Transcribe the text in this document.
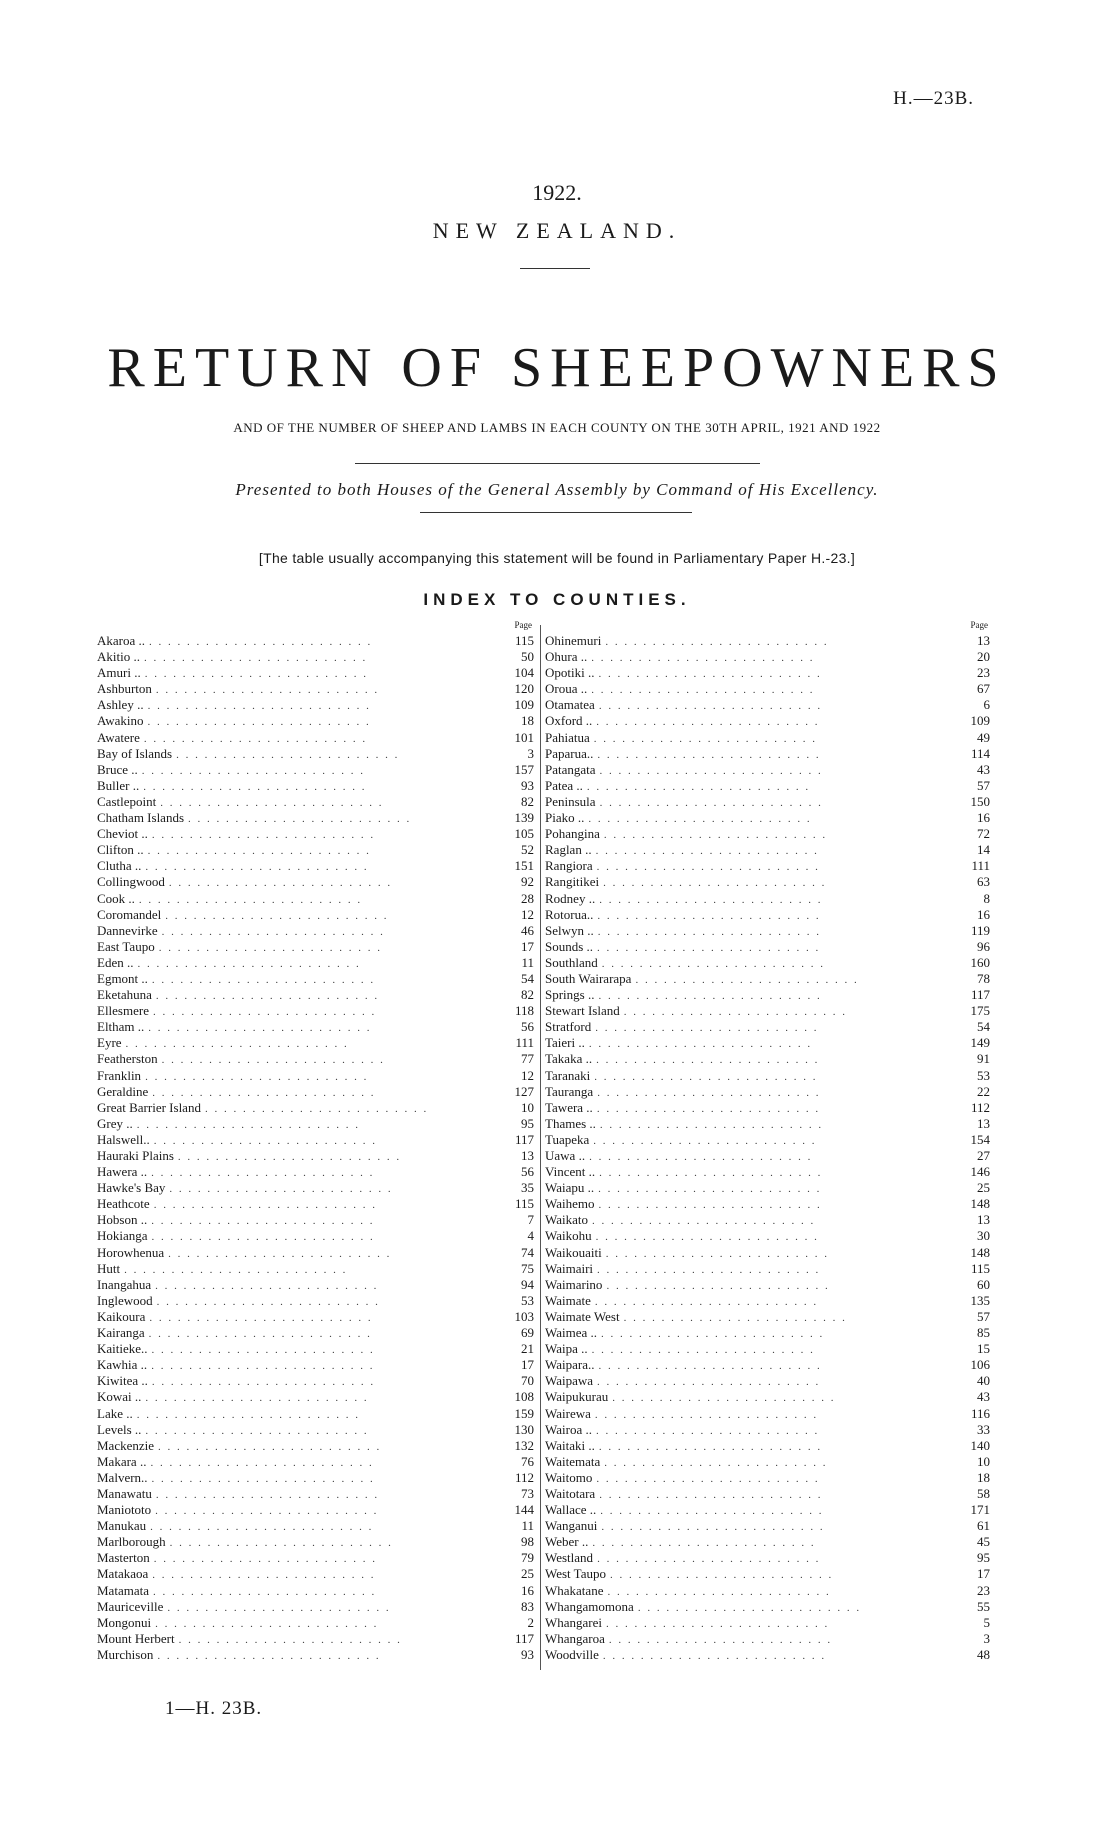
H.—23B.
1922.
NEW ZEALAND.
RETURN OF SHEEPOWNERS
AND OF THE NUMBER OF SHEEP AND LAMBS IN EACH COUNTY ON THE 30TH APRIL, 1921 AND 1922
Presented to both Houses of the General Assembly by Command of His Excellency.
[The table usually accompanying this statement will be found in Parliamentary Paper H.-23.]
INDEX TO COUNTIES.
Page
Akaroa .. . .	115
Akitio .. . .	50
Amuri .. . .	104
Ashburton . .	120
Ashley .. . .	109
Awakino . .	18
Awatere . .	101
Bay of Islands . .	3
Bruce .. . .	157
Buller .. . .	93
Castlepoint . .	82
Chatham Islands . .	139
Cheviot .. . .	105
Clifton .. . .	52
Clutha .. . .	151
Collingwood . .	92
Cook .. . .	28
Coromandel . .	12
Dannevirke . .	46
East Taupo . .	17
Eden .. . .	11
Egmont .. . .	54
Eketahuna . .	82
Ellesmere . .	118
Eltham .. . .	56
Eyre . .	111
Featherston . .	77
Franklin . .	12
Geraldine . .	127
Great Barrier Island . .	10
Grey .. . .	95
Halswell.. . .	117
Hauraki Plains . .	13
Hawera .. . .	56
Hawke's Bay . .	35
Heathcote . .	115
Hobson .. . .	7
Hokianga . .	4
Horowhenua . .	74
Hutt . .	75
Inangahua . .	94
Inglewood . .	53
Kaikoura . .	103
Kairanga . .	69
Kaitieke.. . .	21
Kawhia .. . .	17
Kiwitea .. . .	70
Kowai .. . .	108
Lake .. . .	159
Levels .. . .	130
Mackenzie . .	132
Makara .. . .	76
Malvern.. . .	112
Manawatu . .	73
Maniototo . .	144
Manukau . .	11
Marlborough . .	98
Masterton . .	79
Matakaoa . .	25
Matamata . .	16
Mauriceville . .	83
Mongonui . .	2
Mount Herbert . .	117
Murchison . .	93
Page
Ohinemuri . .	13
Ohura .. . .	20
Opotiki .. . .	23
Oroua .. . .	67
Otamatea . .	6
Oxford .. . .	109
Pahiatua . .	49
Paparua.. . .	114
Patangata . .	43
Patea .. . .	57
Peninsula . .	150
Piako .. . .	16
Pohangina . .	72
Raglan .. . .	14
Rangiora . .	111
Rangitikei . .	63
Rodney .. . .	8
Rotorua.. . .	16
Selwyn .. . .	119
Sounds .. . .	96
Southland . .	160
South Wairarapa . .	78
Springs .. . .	117
Stewart Island . .	175
Stratford . .	54
Taieri .. . .	149
Takaka .. . .	91
Taranaki . .	53
Tauranga . .	22
Tawera .. . .	112
Thames .. . .	13
Tuapeka . .	154
Uawa .. . .	27
Vincent .. . .	146
Waiapu .. . .	25
Waihemo . .	148
Waikato . .	13
Waikohu . .	30
Waikouaiti . .	148
Waimairi . .	115
Waimarino . .	60
Waimate . .	135
Waimate West . .	57
Waimea .. . .	85
Waipa .. . .	15
Waipara.. . .	106
Waipawa . .	40
Waipukurau . .	43
Wairewa . .	116
Wairoa .. . .	33
Waitaki .. . .	140
Waitemata . .	10
Waitomo . .	18
Waitotara . .	58
Wallace .. . .	171
Wanganui . .	61
Weber .. . .	45
Westland . .	95
West Taupo . .	17
Whakatane . .	23
Whangamomona . .	55
Whangarei . .	5
Whangaroa . .	3
Woodville . .	48
1—H. 23B.
